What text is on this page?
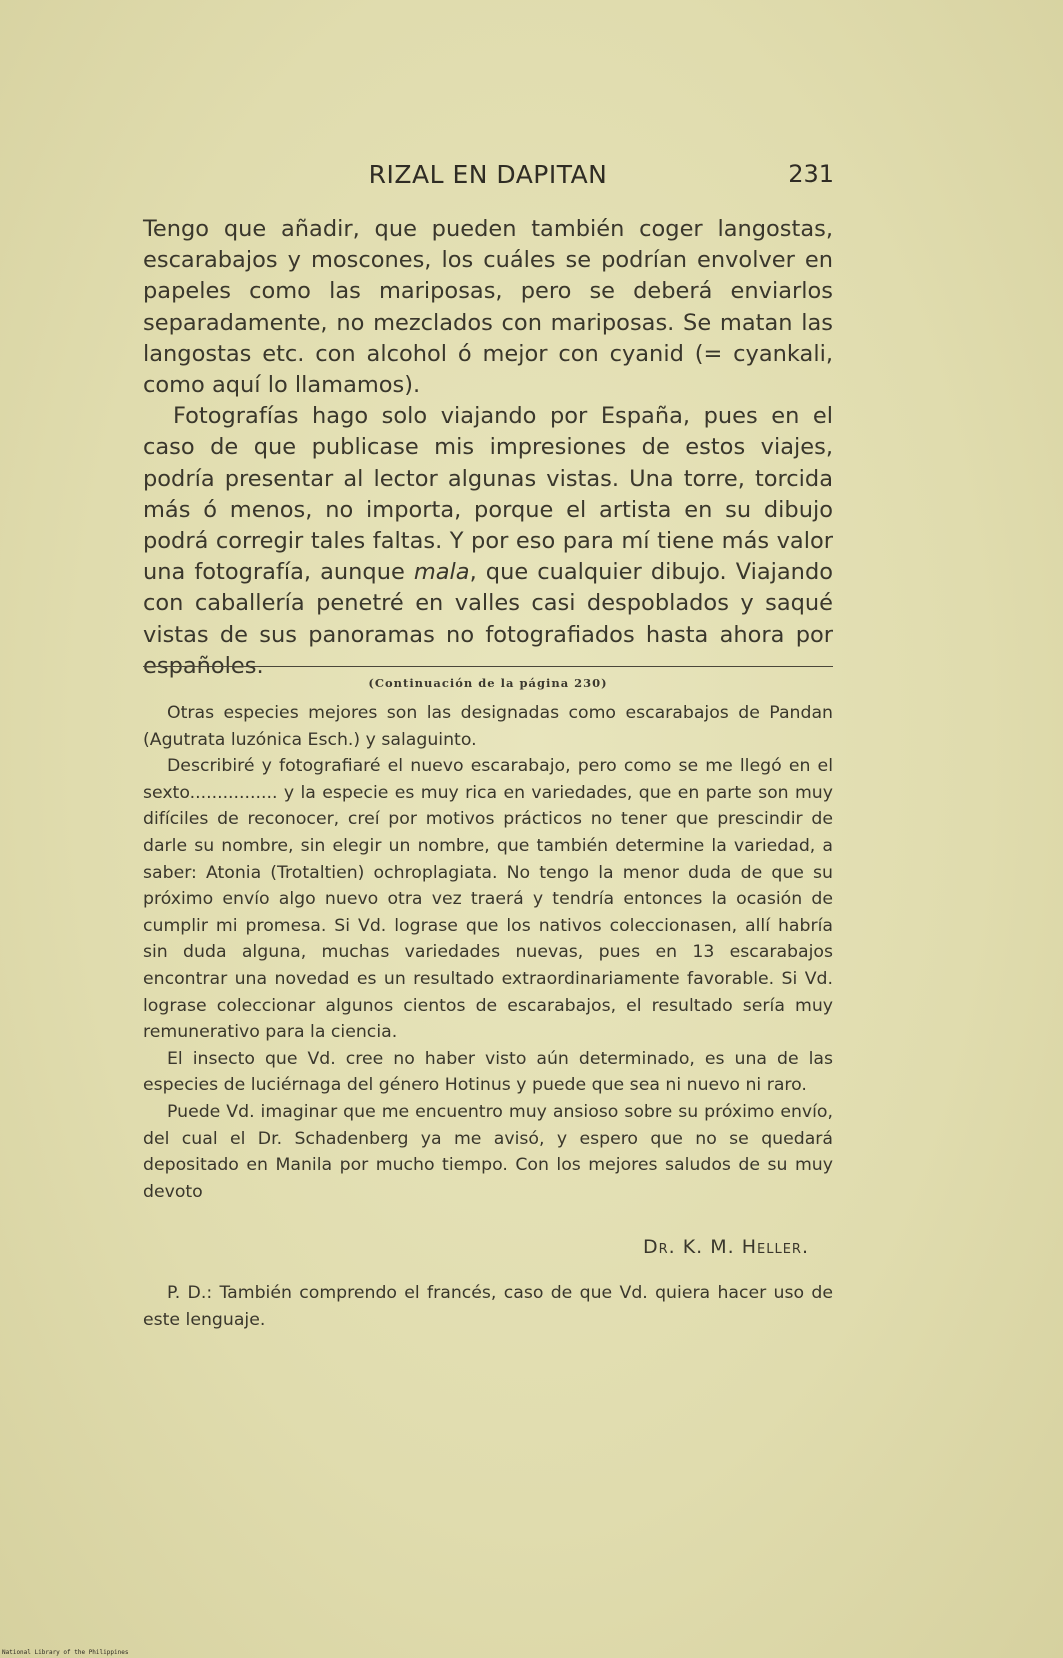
RIZAL EN DAPITAN	231

Tengo que añadir, que pueden también coger langostas, escarabajos y moscones, los cuáles se podrían envolver en papeles como las mariposas, pero se deberá enviarlos separadamente, no mezclados con mariposas. Se matan las langostas etc. con alcohol ó mejor con cyanid (= cyankali, como aquí lo llamamos).

Fotografías hago solo viajando por España, pues en el caso de que publicase mis impresiones de estos viajes, podría presentar al lector algunas vistas. Una torre, torcida más ó menos, no importa, porque el artista en su dibujo podrá corregir tales faltas. Y por eso para mí tiene más valor una fotografía, aunque mala, que cualquier dibujo. Viajando con caballería penetré en valles casi despoblados y saqué vistas de sus panoramas no fotografiados hasta ahora por españoles.

(Continuación de la página 230)

Otras especies mejores son las designadas como escarabajos de Pandan (Agutrata luzónica Esch.) y salaguinto.

Describiré y fotografiaré el nuevo escarabajo, pero como se me llegó en el sexto................ y la especie es muy rica en variedades, que en parte son muy difíciles de reconocer, creí por motivos prácticos no tener que prescindir de darle su nombre, sin elegir un nombre, que también determine la variedad, a saber: Atonia (Trotaltien) ochroplagiata. No tengo la menor duda de que su próximo envío algo nuevo otra vez traerá y tendría entonces la ocasión de cumplir mi promesa. Si Vd. lograse que los nativos coleccionasen, allí habría sin duda alguna, muchas variedades nuevas, pues en 13 escarabajos encontrar una novedad es un resultado extraordinariamente favorable. Si Vd. lograse coleccionar algunos cientos de escarabajos, el resultado sería muy remunerativo para la ciencia.

El insecto que Vd. cree no haber visto aún determinado, es una de las especies de luciérnaga del género Hotinus y puede que sea ni nuevo ni raro.

Puede Vd. imaginar que me encuentro muy ansioso sobre su próximo envío, del cual el Dr. Schadenberg ya me avisó, y espero que no se quedará depositado en Manila por mucho tiempo. Con los mejores saludos de su muy devoto

Dr. K. M. Heller.

P. D.: También comprendo el francés, caso de que Vd. quiera hacer uso de este lenguaje.

National Library of the Philippines
